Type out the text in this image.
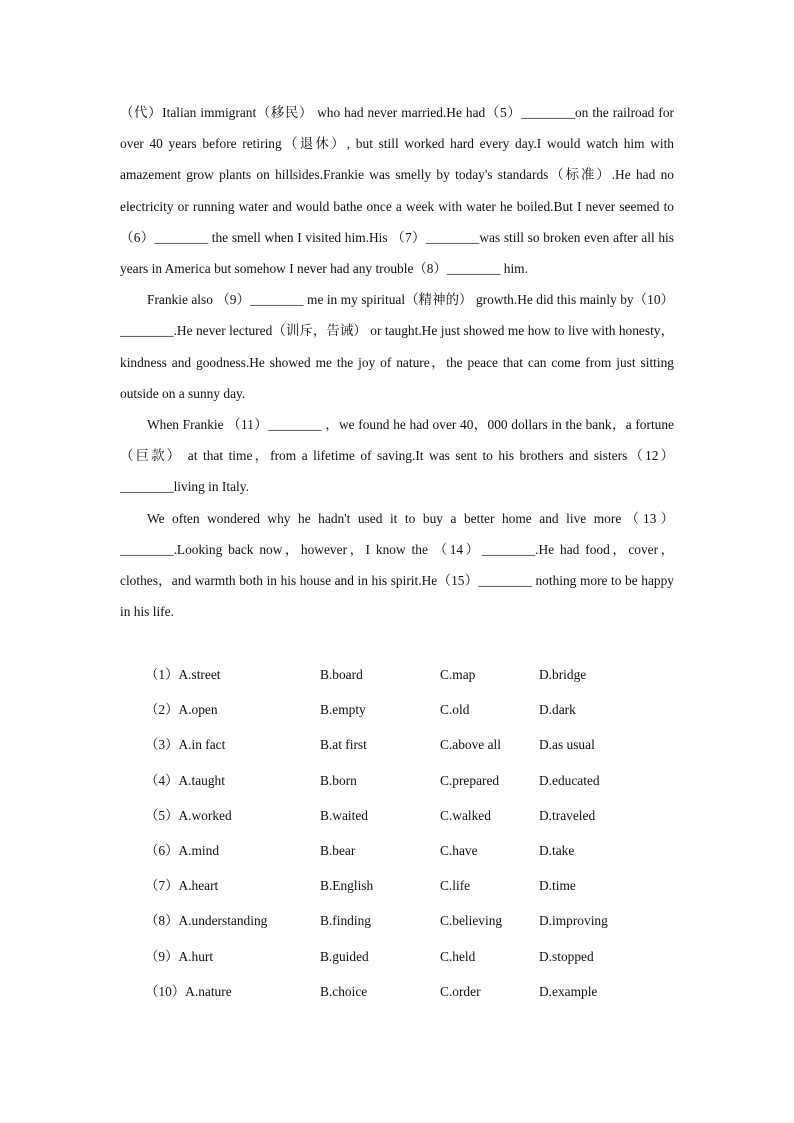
（代）Italian immigrant（移民） who had never married.He had（5）________on the railroad for over 40 years before retiring（退休）, but still worked hard every day.I would watch him with amazement grow plants on hillsides.Frankie was smelly by today's standards（标准）.He had no electricity or running water and would bathe once a week with water he boiled.But I never seemed to （6）________ the smell when I visited him.His （7）________was still so broken even after all his years in America but somehow I never had any trouble（8）________ him.

Frankie also （9）________ me in my spiritual（精神的） growth.He did this mainly by（10）________.He never lectured（训斥，告诫） or taught.He just showed me how to live with honesty，kindness and goodness.He showed me the joy of nature，the peace that can come from just sitting outside on a sunny day.

When Frankie （11）________ ，we found he had over 40，000 dollars in the bank，a fortune（巨款） at that time，from a lifetime of saving.It was sent to his brothers and sisters（12）________living in Italy.

We often wondered why he hadn't used it to buy a better home and live more（13）________.Looking back now，however，I know the （14）________.He had food，cover，clothes，and warmth both in his house and in his spirit.He（15）________ nothing more to be happy in his life.

（1）A.street	B.board	C.map	D.bridge
（2）A.open	B.empty	C.old	D.dark
（3）A.in fact	B.at first	C.above all	D.as usual
（4）A.taught	B.born	C.prepared	D.educated
（5）A.worked	B.waited	C.walked	D.traveled
（6）A.mind	B.bear	C.have	D.take
（7）A.heart	B.English	C.life	D.time
（8）A.understanding	B.finding	C.believing	D.improving
（9）A.hurt	B.guided	C.held	D.stopped
（10）A.nature	B.choice	C.order	D.example
